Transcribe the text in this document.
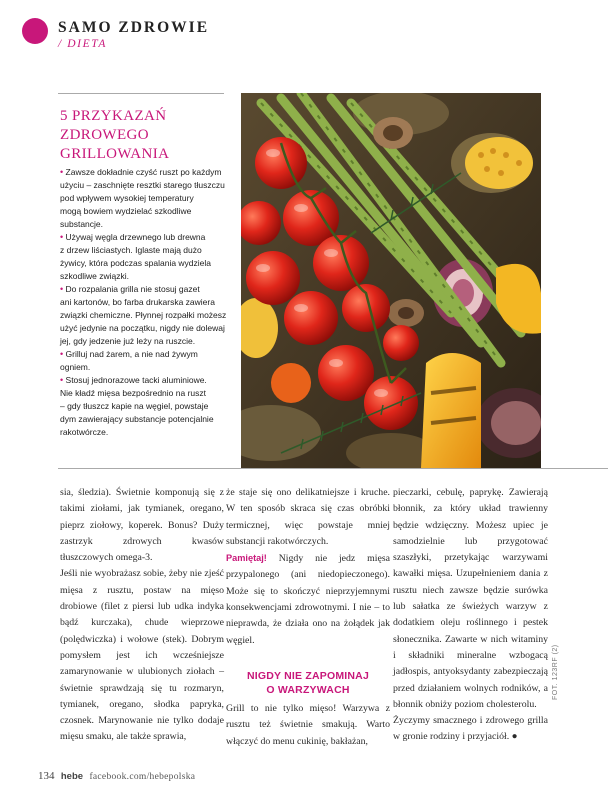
SAMO ZDROWIE
/ DIETA
5 PRZYKAZAŃ
ZDROWEGO
GRILLOWANIA

• Zawsze dokładnie czyść ruszt po każdym
użyciu – zaschnięte resztki starego tłuszczu
pod wpływem wysokiej temperatury
mogą bowiem wydzielać szkodliwe
substancje.

• Używaj węgla drzewnego lub drewna
z drzew liściastych. Iglaste mają dużo
żywicy, która podczas spalania wydziela
szkodliwe związki.

• Do rozpalania grilla nie stosuj gazet
ani kartonów, bo farba drukarska zawiera
związki chemiczne. Płynnej rozpałki możesz
użyć jedynie na początku, nigdy nie dolewaj
jej, gdy jedzenie już leży na ruszcie.

• Grilluj nad żarem, a nie nad żywym
ogniem.

• Stosuj jednorazowe tacki aluminiowe.
Nie kładź mięsa bezpośrednio na ruszt
– gdy tłuszcz kapie na węgiel, powstaje
dym zawierający substancje potencjalnie
rakotwórcze.

sia, śledzia). Świetnie komponują się z takimi ziołami, jak tymianek, oregano, pieprz ziołowy, koperek. Bonus? Duży zastrzyk zdrowych kwasów tłuszczowych omega-3.

Jeśli nie wyobrażasz sobie, żeby nie zjeść mięsa z rusztu, postaw na mięso drobiowe (filet z piersi lub udka indyka bądź kurczaka), chude wieprzowe (polędwiczka) i wołowe (stek). Dobrym pomysłem jest ich wcześniejsze zamarynowanie w ulubionych ziołach – świetnie sprawdzają się tu rozmaryn, tymianek, oregano, słodka papryka, czosnek. Marynowanie nie tylko dodaje mięsu smaku, ale także sprawia,

że staje się ono delikatniejsze i kruche. W ten sposób skraca się czas obróbki termicznej, więc powstaje mniej substancji rakotwórczych.

Pamiętaj! Nigdy nie jedz mięsa przypalonego (ani niedopieczonego). Może się to skończyć nieprzyjemnymi konsekwencjami zdrowotnymi. I nie – to nieprawda, że działa ono na żołądek jak węgiel.

NIGDY NIE ZAPOMINAJ
O WARZYWACH

Grill to nie tylko mięso! Warzywa z rusztu też świetnie smakują. Warto włączyć do menu cukinię, bakłażan,

pieczarki, cebulę, paprykę. Zawierają błonnik, za który układ trawienny będzie wdzięczny. Możesz upiec je samodzielnie lub przygotować szaszłyki, przetykając warzywami kawałki mięsa. Uzupełnieniem dania z rusztu niech zawsze będzie surówka lub sałatka ze świeżych warzyw z dodatkiem oleju roślinnego i pestek słonecznika. Zawarte w nich witaminy i składniki mineralne wzbogacą jadłospis, antyoksydanty zabezpieczają przed działaniem wolnych rodników, a błonnik obniży poziom cholesterolu.

Życzymy smacznego i zdrowego grilla w gronie rodziny i przyjaciół. ●

FOT. 123RF (2)
134 hebe facebook.com/hebepolska
